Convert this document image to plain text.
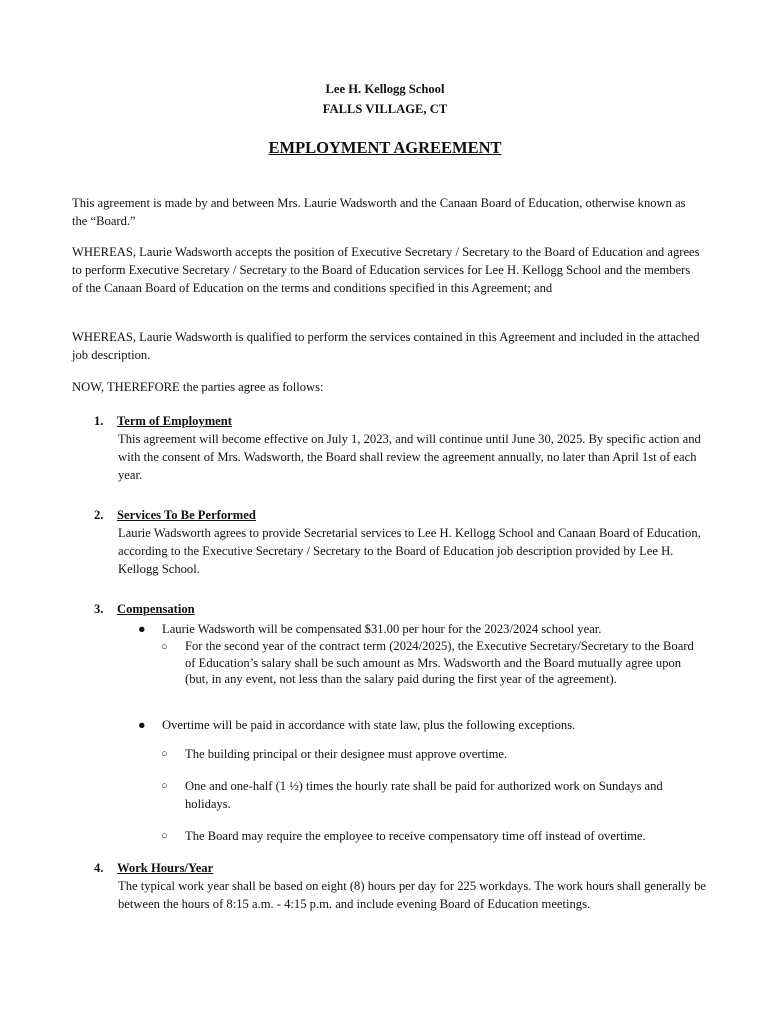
Lee H. Kellogg School
FALLS VILLAGE, CT
EMPLOYMENT AGREEMENT

This agreement is made by and between Mrs. Laurie Wadsworth and the Canaan Board of Education, otherwise known as the “Board.”

WHEREAS, Laurie Wadsworth accepts the position of Executive Secretary / Secretary to the Board of Education and agrees to perform Executive Secretary / Secretary to the Board of Education services for Lee H. Kellogg School and the members of the Canaan Board of Education on the terms and conditions specified in this Agreement; and

WHEREAS, Laurie Wadsworth is qualified to perform the services contained in this Agreement and included in the attached job description.

NOW, THEREFORE the parties agree as follows:

1. Term of Employment

This agreement will become effective on July 1, 2023, and will continue until June 30, 2025. By specific action and with the consent of Mrs. Wadsworth, the Board shall review the agreement annually, no later than April 1st of each year.

2. Services To Be Performed

Laurie Wadsworth agrees to provide Secretarial services to Lee H. Kellogg School and Canaan Board of Education, according to the Executive Secretary / Secretary to the Board of Education job description provided by Lee H. Kellogg School.

3. Compensation
● Laurie Wadsworth will be compensated $31.00 per hour for the 2023/2024 school year.

○ For the second year of the contract term (2024/2025), the Executive Secretary/Secretary to the Board of Education’s salary shall be such amount as Mrs. Wadsworth and the Board mutually agree upon (but, in any event, not less than the salary paid during the first year of the agreement).

● Overtime will be paid in accordance with state law, plus the following exceptions.

○ The building principal or their designee must approve overtime.

○ One and one-half (1 ½) times the hourly rate shall be paid for authorized work on Sundays and holidays.

○ The Board may require the employee to receive compensatory time off instead of overtime.

4. Work Hours/Year

The typical work year shall be based on eight (8) hours per day for 225 workdays. The work hours shall generally be between the hours of 8:15 a.m. - 4:15 p.m. and include evening Board of Education meetings.
